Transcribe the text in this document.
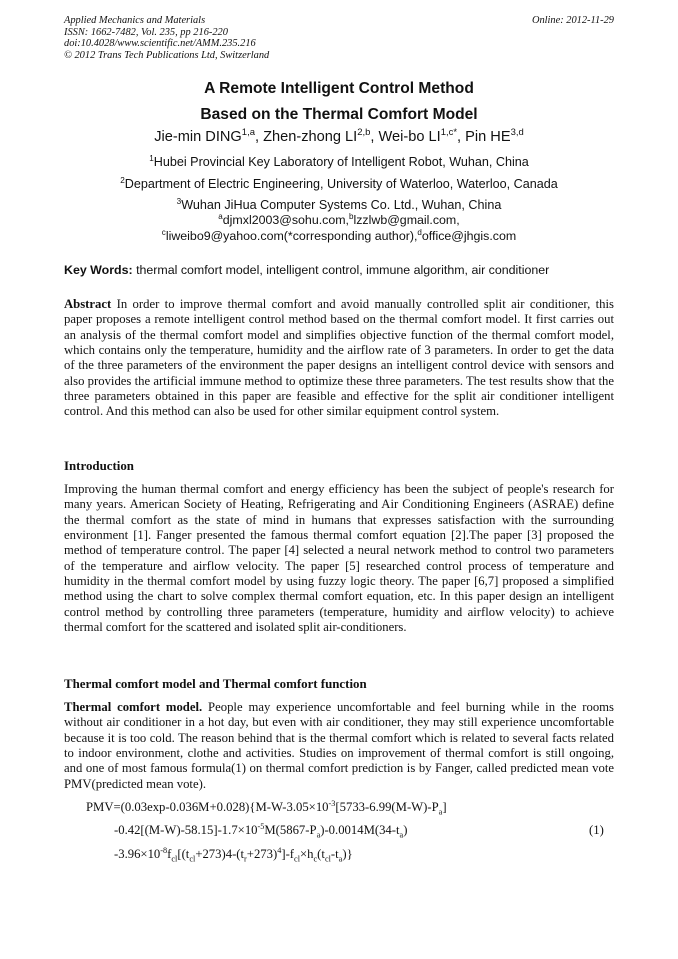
Applied Mechanics and Materials
ISSN: 1662-7482, Vol. 235, pp 216-220
doi:10.4028/www.scientific.net/AMM.235.216
© 2012 Trans Tech Publications Ltd, Switzerland
Online: 2012-11-29
A Remote Intelligent Control Method
Based on the Thermal Comfort Model
Jie-min DING$^{1,a}$, Zhen-zhong LI$^{2,b}$, Wei-bo $LI^{1,c*}$, Pin HE$^{3,d}$
$^1$Hubei Provincial Key Laboratory of Intelligent Robot, Wuhan, China
$^2$Department of Electric Engineering, University of Waterloo, Waterloo, Canada
$^3$Wuhan JiHua Computer Systems Co. Ltd., Wuhan, China
$^a$djmxl2003@sohu.com,$^b$lzzlwb@gmail.com,
$^c$liweibo9@yahoo.com(*corresponding author),$^d$office@jhgis.com
Key Words: thermal comfort model, intelligent control, immune algorithm, air conditioner
Abstract In order to improve thermal comfort and avoid manually controlled split air conditioner, this paper proposes a remote intelligent control method based on the thermal comfort model. It first carries out an analysis of the thermal comfort model and simplifies objective function of the thermal comfort model, which contains only the temperature, humidity and the airflow rate of 3 parameters. In order to get the data of the three parameters of the environment the paper designs an intelligent control device with sensors and also provides the artificial immune method to optimize these three parameters. The test results show that the three parameters obtained in this paper are feasible and effective for the split air conditioner intelligent control. And this method can also be used for other similar equipment control system.
Introduction
Improving the human thermal comfort and energy efficiency has been the subject of people's research for many years. American Society of Heating, Refrigerating and Air Conditioning Engineers (ASRAE) define the thermal comfort as the state of mind in humans that expresses satisfaction with the surrounding environment [1]. Fanger presented the famous thermal comfort equation [2].The paper [3] proposed the method of temperature control. The paper [4] selected a neural network method to control two parameters of the temperature and airflow velocity. The paper [5] researched control process of temperature and humidity in the thermal comfort model by using fuzzy logic theory. The paper [6,7] proposed a simplified method using the chart to solve complex thermal comfort equation, etc. In this paper design an intelligent control method by controlling three parameters (temperature, humidity and airflow velocity) to achieve thermal comfort for the scattered and isolated split air-conditioners.
Thermal comfort model and Thermal comfort function
Thermal comfort model. People may experience uncomfortable and feel burning while in the rooms without air conditioner in a hot day, but even with air conditioner, they may still experience uncomfortable because it is too cold. The reason behind that is the thermal comfort which is related to several facts related to indoor environment, clothe and activities. Studies on improvement of thermal comfort is still ongoing, and one of most famous formula(1) on thermal comfort prediction is by Fanger, called predicted mean vote PMV(predicted mean vote).
$PMV=(0.03\exp-0.036M+0.028)\{M-W-3.05\times 10^{-3}[5733-6.99(M-W)-P_a]$
$-0.42[(M-W)-58.15]-1.7\times 10^{-5}M(5867-P_a)-0.0014M(34-t_a)$	(1)
$-3.96\times 10^{-8}f_{cl}[(t_{cl}+273)4-(t_r+273)^4]-f_{cl}\times h_c(t_{cl}-t_a)$}
